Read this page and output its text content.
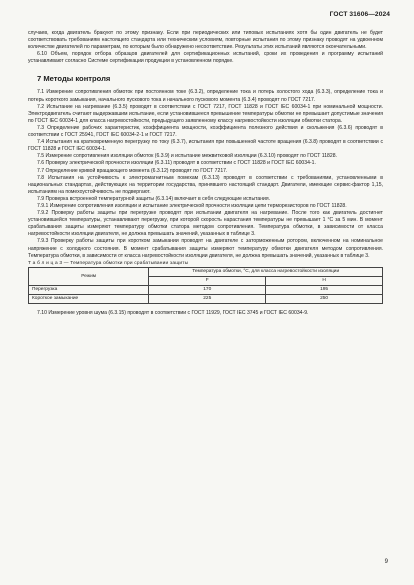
ГОСТ 31606—2024

случаев, когда двигатель бракуют по этому признаку. Если при периодических или типовых испытаниях хотя бы один двигатель не будет соответствовать требованиям настоящего стандарта или техническим условиям, повторные испытания по этому признаку проводят на удвоенном количестве двигателей по параметрам, по которым было обнаружено несоответствие. Результаты этих испытаний являются окончательными.

6.10 Объем, порядок отбора образцов двигателей для сертификационных испытаний, сроки их проведения и программу испытаний устанавливают согласно Системе сертификации продукции в установленном порядке.

7 Методы контроля

7.1 Измерение сопротивления обмоток при постоянном токе (6.3.2), определение тока и потерь холостого хода (6.3.3), определение тока и потерь короткого замыкания, начального пускового тока и начального пускового момента (6.3.4) проводят по ГОСТ 7217.

7.2 Испытание на нагревание (6.3.5) проводят в соответствии с ГОСТ 7217, ГОСТ 11828 и ГОСТ IEC 60034-1 при номинальной мощности. Электродвигатель считают выдержавшим испытание, если установившееся превышение температуры обмотки не превышает допустимые значения по ГОСТ IEC 60034-1 для класса нагревостойкости, предыдущего заявленному классу нагревостойкости изоляции обмотки статора.

7.3 Определение рабочих характеристик, коэффициента мощности, коэффициента полезного действия и скольжения (6.3.6) проводят в соответствии с ГОСТ 25941, ГОСТ IEC 60034-2-1 и ГОСТ 7217.

7.4 Испытания на кратковременную перегрузку по току (6.3.7), испытания при повышенной частоте вращения (6.3.8) проводят в соответствии с ГОСТ 11828 и ГОСТ IEC 60034-1.

7.5 Измерение сопротивления изоляции обмоток (6.3.9) и испытание межвитковой изоляции (6.3.10) проводят по ГОСТ 11828.

7.6 Проверку электрической прочности изоляции (6.3.11) проводят в соответствии с ГОСТ 11828 и ГОСТ IEC 60034-1.

7.7 Определение кривой вращающего момента (6.3.12) проводят по ГОСТ 7217.

7.8 Испытания на устойчивость к электромагнитным помехам (6.3.13) проводят в соответствии с требованиями, установленными в национальных стандартах, действующих на территории государства, принявшего настоящий стандарт. Двигатели, имеющие сервис-фактор 1,15, испытаниям на помехоустойчивость не подвергают.

7.9 Проверка встроенной температурной защиты (6.3.14) включает в себя следующие испытания.

7.9.1 Измерение сопротивления изоляции и испытание электрической прочности изоляции цепи терморезисторов по ГОСТ 11828.

7.9.2 Проверку работы защиты при перегрузке проводят при испытании двигателя на нагревание. После того как двигатель достигнет установившейся температуры, устанавливают перегрузку, при которой скорость нарастания температуры не превышает 1 °С за 5 мин. В момент срабатывания защиты измеряют температуру обмотки статора методом сопротивления. Температура обмотки, в зависимости от класса нагревостойкости изоляции двигателя, не должна превышать значений, указанных в таблице 3.

7.9.3 Проверку работы защиты при коротком замыкании проводят на двигателе с заторможенным ротором, включенном на номинальное напряжение с холодного состояния. В момент срабатывания защиты измеряют температуру обмотки двигателя методом сопротивления. Температура обмотки, в зависимости от класса нагревостойкости изоляции двигателя, не должна превышать значений, указанных в таблице 3.

Т а б л и ц а 3 — Температура обмотки при срабатывании защиты

Режим	Температура обмотки, °С, для класса нагревостойкости изоляции	
	F	H
Перегрузка	170	195
Короткое замыкание	225	250

7.10 Измерение уровня шума (6.3.15) проводят в соответствии с ГОСТ 11929, ГОСТ IEC 3745 и ГОСТ IEC 60034-9.

9
